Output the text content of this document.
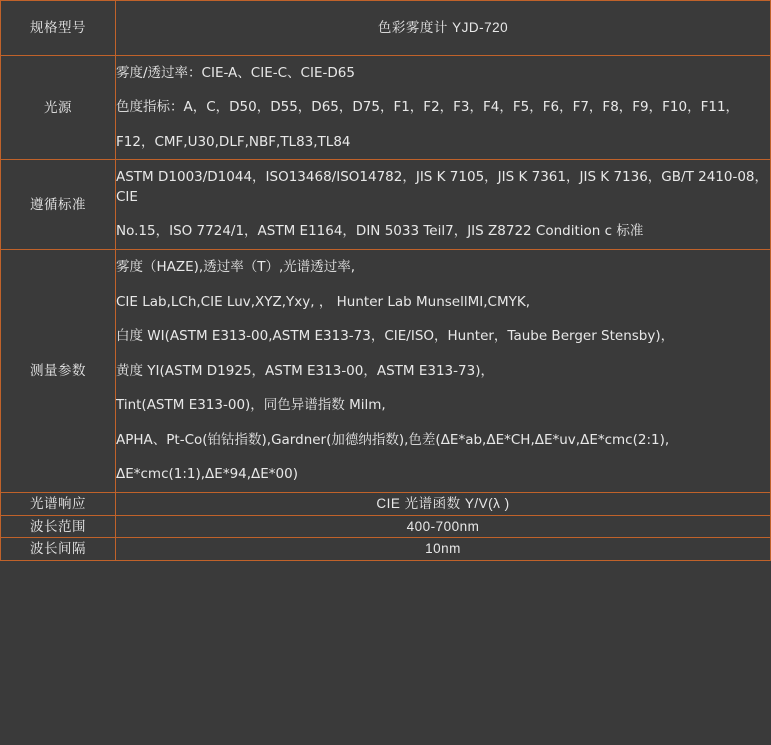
规格型号	色彩雾度计 YJD-720
光源	雾度/透过率：CIE-A、CIE-C、CIE-D65
色度指标：A，C，D50，D55，D65，D75，F1，F2，F3，F4，F5，F6，F7，F8，F9，F10，F11，
F12，CMF,U30,DLF,NBF,TL83,TL84

遵循标准	ASTM D1003/D1044，ISO13468/ISO14782，JIS K 7105，JIS K 7361，JIS K 7136，GB/T 2410-08，CIE
No.15，ISO 7724/1，ASTM E1164，DIN 5033 Teil7，JIS Z8722 Condition c 标准

测量参数	
雾度（HAZE),透过率（T）,光谱透过率,
CIE Lab,LCh,CIE Luv,XYZ,Yxy, ， Hunter Lab MunsellMI,CMYK,
白度 WI(ASTM E313-00,ASTM E313-73，CIE/ISO，Hunter，Taube Berger Stensby)，
黄度 YI(ASTM D1925，ASTM E313-00，ASTM E313-73)，
Tint(ASTM E313-00)，同色异谱指数 Milm,
APHA、Pt-Co(铂钴指数),Gardner(加德纳指数),色差(ΔE*ab,ΔE*CH,ΔE*uv,ΔE*cmc(2:1),
ΔE*cmc(1:1),ΔE*94,ΔE*00)

光谱响应	CIE 光谱函数 Y/V(λ )
波长范围	400-700nm
波长间隔	10nm
